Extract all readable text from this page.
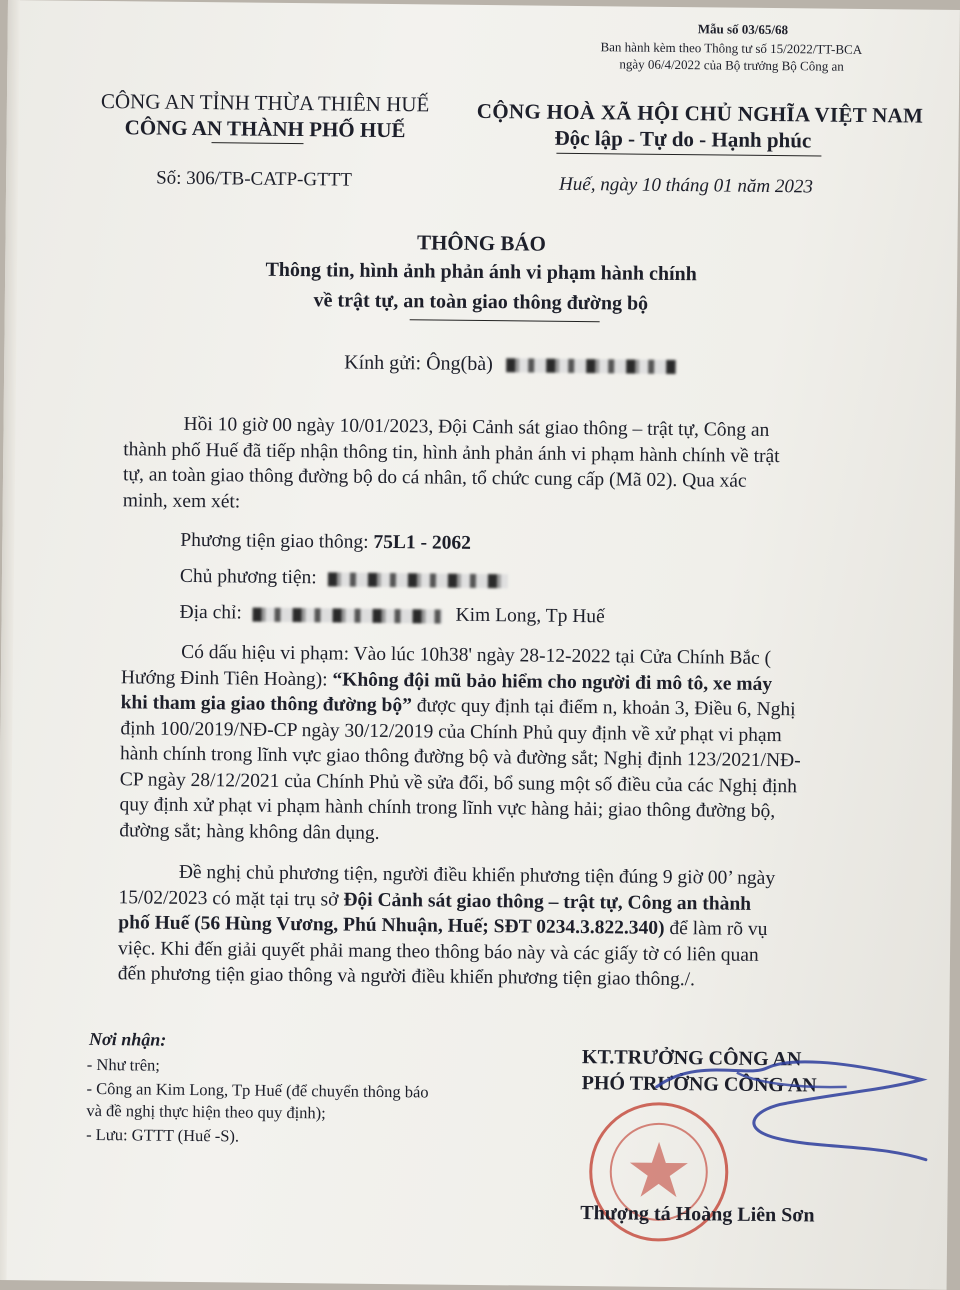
Mẫu số 03/65/68
Ban hành kèm theo Thông tư số 15/2022/TT-BCA
ngày 06/4/2022 của Bộ trưởng Bộ Công an
CÔNG AN TỈNH THỪA THIÊN HUẾ
CÔNG AN THÀNH PHỐ HUẾ
CỘNG HOÀ XÃ HỘI CHỦ NGHĨA VIỆT NAM
Độc lập - Tự do - Hạnh phúc
Số: 306/TB-CATP-GTTT	Huế, ngày 10 tháng 01 năm 2023
THÔNG BÁO
Thông tin, hình ảnh phản ánh vi phạm hành chính
về trật tự, an toàn giao thông đường bộ
Kính gửi: Ông(bà)
Hồi 10 giờ 00 ngày 10/01/2023, Đội Cảnh sát giao thông – trật tự, Công an
thành phố Huế đã tiếp nhận thông tin, hình ảnh phản ánh vi phạm hành chính về trật
tự, an toàn giao thông đường bộ do cá nhân, tổ chức cung cấp (Mã 02). Qua xác
minh, xem xét:
Phương tiện giao thông: 75L1 - 2062
Chủ phương tiện:
Địa chỉ:	Kim Long, Tp Huế
Có dấu hiệu vi phạm: Vào lúc 10h38' ngày 28-12-2022 tại Cửa Chính Bắc (
Hướng Đinh Tiên Hoàng): “Không đội mũ bảo hiểm cho người đi mô tô, xe máy
khi tham gia giao thông đường bộ” được quy định tại điểm n, khoản 3, Điều 6, Nghị
định 100/2019/NĐ-CP ngày 30/12/2019 của Chính Phủ quy định về xử phạt vi phạm
hành chính trong lĩnh vực giao thông đường bộ và đường sắt; Nghị định 123/2021/NĐ-
CP ngày 28/12/2021 của Chính Phủ về sửa đổi, bổ sung một số điều của các Nghị định
quy định xử phạt vi phạm hành chính trong lĩnh vực hàng hải; giao thông đường bộ,
đường sắt; hàng không dân dụng.
Đề nghị chủ phương tiện, người điều khiển phương tiện đúng 9 giờ 00’ ngày
15/02/2023 có mặt tại trụ sở Đội Cảnh sát giao thông – trật tự, Công an thành
phố Huế (56 Hùng Vương, Phú Nhuận, Huế; SĐT 0234.3.822.340) để làm rõ vụ
việc. Khi đến giải quyết phải mang theo thông báo này và các giấy tờ có liên quan
đến phương tiện giao thông và người điều khiển phương tiện giao thông./.
Nơi nhận:
- Như trên;
- Công an Kim Long, Tp Huế (để chuyển thông báo
và đề nghị thực hiện theo quy định);
- Lưu: GTTT (Huế -S).
KT.TRƯỞNG CÔNG AN
PHÓ TRƯỞNG CÔNG AN
Thượng tá Hoàng Liên Sơn
